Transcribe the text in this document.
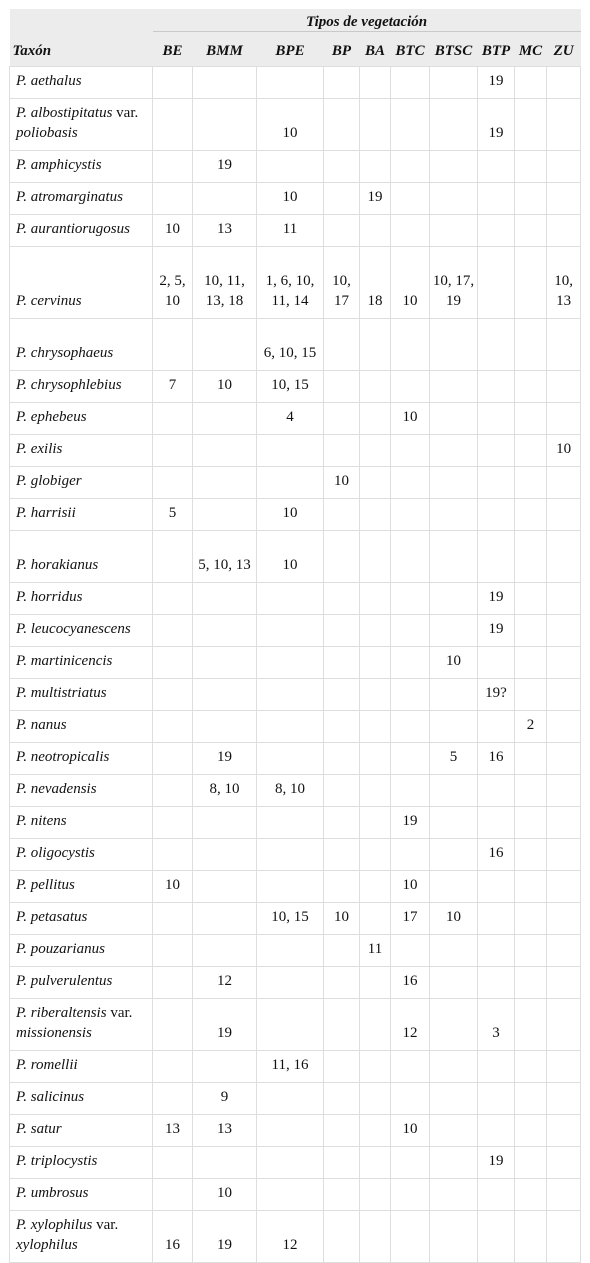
	Tipos de vegetación									
Taxón	BE	BMM	BPE	BP	BA	BTC	BTSC	BTP	MC	ZU
P. aethalus								19		
P. albostipitatus var. poliobasis			10					19		
P. amphicystis		19								
P. atromarginatus			10		19					
P. aurantiorugosus	10	13	11							
P. cervinus	2, 5, 10	10, 11, 13, 18	1, 6, 10, 11, 14	10, 17	18	10	10, 17, 19			10, 13
P. chrysophaeus			6, 10, 15							
P. chrysophlebius	7	10	10, 15							
P. ephebeus			4			10				
P. exilis										10
P. globiger				10						
P. harrisii	5		10							
P. horakianus		5, 10, 13	10							
P. horridus								19		
P. leucocyanescens								19		
P. martinicencis							10			
P. multistriatus								19?		
P. nanus									2	
P. neotropicalis		19					5	16		
P. nevadensis		8, 10	8, 10							
P. nitens						19				
P. oligocystis								16		
P. pellitus	10					10				
P. petasatus			10, 15	10		17	10			
P. pouzarianus					11					
P. pulverulentus		12				16				
P. riberaltensis var. missionensis		19				12		3		
P. romellii			11, 16							
P. salicinus		9								
P. satur	13	13				10				
P. triplocystis								19		
P. umbrosus		10								
P. xylophilus var. xylophilus	16	19	12							
